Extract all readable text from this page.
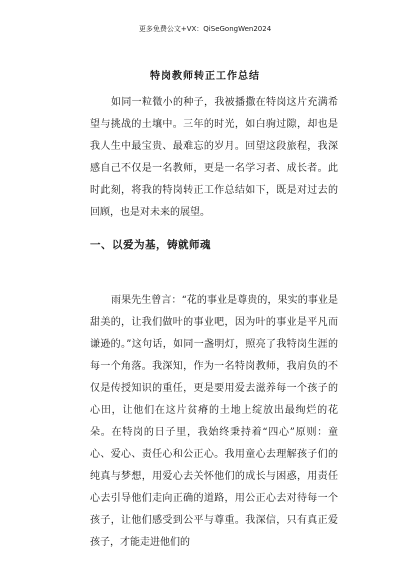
更多免费公文+VX：QiSeGongWen2024
特岗教师转正工作总结
如同一粒微小的种子，我被播撒在特岗这片充满希望与挑战的土壤中。三年的时光，如白驹过隙，却也是我人生中最宝贵、最难忘的岁月。回望这段旅程，我深感自己不仅是一名教师，更是一名学习者、成长者。此时此刻，将我的特岗转正工作总结如下，既是对过去的回顾，也是对未来的展望。
一、以爱为基，铸就师魂
雨果先生曾言：“花的事业是尊贵的，果实的事业是甜美的，让我们做叶的事业吧，因为叶的事业是平凡而谦逊的。”这句话，如同一盏明灯，照亮了我特岗生涯的每一个角落。我深知，作为一名特岗教师，我肩负的不仅是传授知识的重任，更是要用爱去滋养每一个孩子的心田，让他们在这片贫瘠的土地上绽放出最绚烂的花朵。在特岗的日子里，我始终秉持着“四心”原则：童心、爱心、责任心和公正心。我用童心去理解孩子们的纯真与梦想，用爱心去关怀他们的成长与困惑，用责任心去引导他们走向正确的道路，用公正心去对待每一个孩子，让他们感受到公平与尊重。我深信，只有真正爱孩子，才能走进他们的
